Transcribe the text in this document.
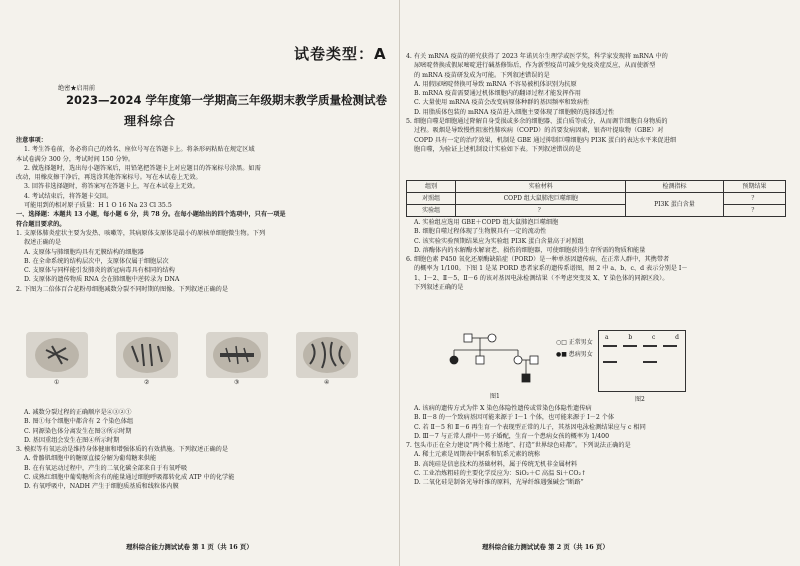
试卷类型：A
绝密★启用前
2023—2024 学年度第一学期高三年级期末教学质量检测试卷
理科综合
注意事项：
1. 考生答卷前，务必将自己的姓名、座位号写在答题卡上。将条形码粘贴在规定区域
本试卷满分 300 分，考试时间 150 分钟。
2. 做选择题时，选出每小题答案后，用铅笔把答题卡上对应题目的答案标号涂黑。如需
改动，用橡皮擦干净后，再选涂其他答案标号。写在本试卷上无效。
3. 回答非选择题时，将答案写在答题卡上，写在本试卷上无效。
4. 考试结束后，将答题卡交回。
可能用到的相对原子质量：H 1 O 16 Na 23 Cl 35.5
一、选择题：本题共 13 小题，每小题 6 分，共 78 分。在每小题给出的四个选项中，只有一项是
符合题目要求的。
1. 支原体肺炎症状主要为发热、咳嗽等，其病原体支原体是最小的原核单细胞微生物。下列
叙述正确的是
A. 支原体与肺细胞均具有无膜结构的细胞器
B. 在全命系统的结构层次中，支原体仅属于细胞层次
C. 支原体与同样能引发肺炎的新冠病毒具有相同的结构
D. 支原体的遗传物质 RNA 会在肺细胞中逆转录为 DNA
2. 下图为二倍体百合花粉母细胞减数分裂不同时期的图像。下列叙述正确的是
①	②	③	④
A. 减数分裂过程的正确顺序是④③②①
B. 图①每个细胞中都含有 2 个染色体组
C. 同源染色体分离发生在图③所示时期
D. 基因重组会发生在图④所示时期
3. 模拟等有氧运动是维持身体健康和增强体质的有效措施。下列叙述正确的是
A. 骨骼肌细胞中的糖原直接分解为葡萄糖来供能
B. 在有氧运动过程中，产生的二氧化碳全部来自于有氧呼吸
C. 成熟红细胞中葡萄糖所含有的能量通过细胞呼吸都转化成 ATP 中的化学能
D. 有氧呼吸中，NADH 产生于细胞质基质和线粒体内膜
理科综合能力测试试卷 第 1 页（共 16 页）
4. 有关 mRNA 疫苗的研究获得了 2023 年诺贝尔生理学或医学奖，科学家发现将 mRNA 中的
尿嘧啶替换成假尿嘧啶进行碱基修饰后，作为新型疫苗可减少免疫炎症反应，从而使新型
的 mRNA 疫苗研发成为可能。下列叙述错误的是
A. 用假尿嘧啶替换可导致 mRNA 不容易被机体识别为抗原
B. mRNA 疫苗需要通过机体细胞内的翻译过程才能发挥作用
C. 大量使用 mRNA 疫苗会改变病原体种群的基因频率和致病性
D. 用脂质体包装的 mRNA 疫苗进入细胞主要体现了细胞膜的选择透过性
5. 细胞自噬是细胞通过降解自身受损或多余的细胞器、蛋白质等成分，从而调节细胞自身物质的
过程。吸烟是导致慢性阻塞性肺疾病（COPD）的首要发病因素，银杏叶提取物（GBE）对
COPD 具有一定的治疗效果，机制是 GBE 通过抑制巨噬细胞内 PI3K 蛋白的表达水平来促进细
胞自噬，为验证上述机制设计实验如下表。下列叙述错误的是
组别	实验材料	检测指标	预期结果
对照组	COPD 组大鼠肺泡巨噬细胞	PI3K 蛋白含量	？
实验组	？		？
A. 实验组应选用 GBE＋COPD 组大鼠肺泡巨噬细胞
B. 细胞自噬过程体现了生物膜具有一定的流动性
C. 该实验实验预期结果应为实验组 PI3K 蛋白含量高于对照组
D. 溶酶体内的水解酶水解衰老、损伤的细胞器，可使细胞获得生存所需的物质和能量
6. 细胞色素 P450 氧化还原酶缺陷症（PORD）是一种单基因遗传病，在正常人群中，其携带者
的概率为 1/100。下图 1 是某 PORD 患者家系的遗传系谱图，图 2 中 a、b、c、d 表示分别是 Ⅰ－
1、Ⅰ－2、Ⅱ－5、Ⅱ－6 的该对基因电泳检测结果（不考虑突变及 X、Y 染色体的同源区段）。
下列叙述正确的是
图1
○□ 正常男女
●■ 患病男女
a	b	c	d
图2
A. 该病的遗传方式为伴 X 染色体隐性遗传或常染色体隐性遗传病
B. Ⅱ－8 的一个致病基因可能来源于 Ⅰ－1 个体，也可能来源于 Ⅰ－2 个体
C. 若 Ⅱ－5 和 Ⅱ－6 再生育一个表现型正常的儿子，其基因电泳检测结果应与 c 相同
D. Ⅲ－7 与正常人群中一男子婚配，生育一个患病女孩的概率为 1/400
7. 包头市正在全力建设“两个稀土基地”、打造“世界绿色硅都”。下列说法正确的是
A. 稀土元素是周期表中铜系和钪系元素的统称
B. 高纯硅是信息技术的基础材料，属于传统无机非金属材料
C. 工业冶炼粗硅的主要化学反应为：SiO₂＋C 高温 Si＋CO₂↑
D. 二氧化硅是制备光导纤维的原料，光导纤维遇强碱会“断路”
理科综合能力测试试卷 第 2 页（共 16 页）
